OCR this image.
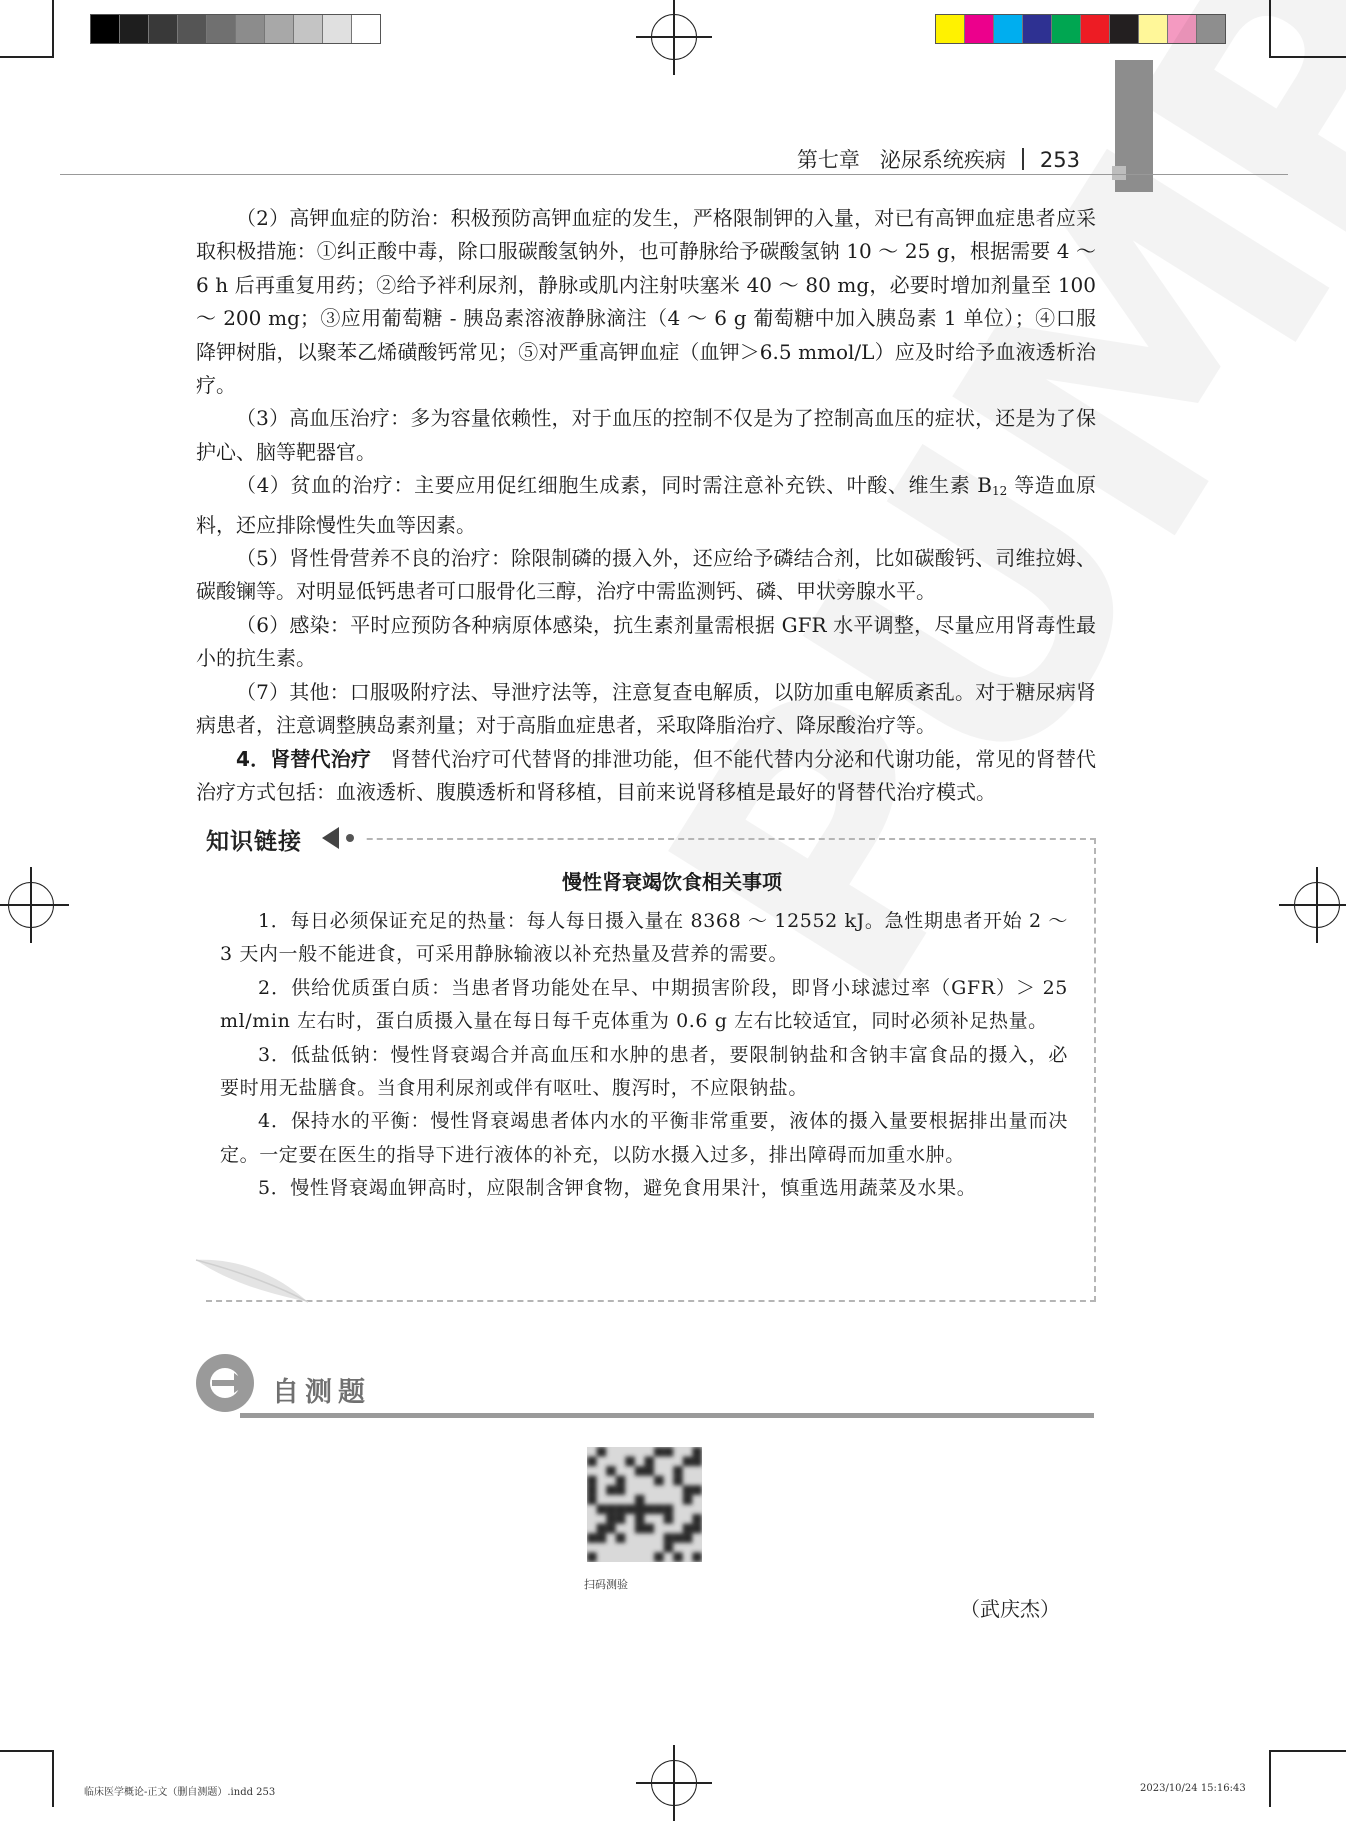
第七章 泌尿系统疾病 253

（2）高钾血症的防治：积极预防高钾血症的发生，严格限制钾的入量，对已有高钾血症患者应采取积极措施：①纠正酸中毒，除口服碳酸氢钠外，也可静脉给予碳酸氢钠 10 ～ 25 g，根据需要 4 ～ 6 h 后再重复用药；②给予袢利尿剂，静脉或肌内注射呋塞米 40 ～ 80 mg，必要时增加剂量至 100 ～ 200 mg；③应用葡萄糖 - 胰岛素溶液静脉滴注（4 ～ 6 g 葡萄糖中加入胰岛素 1 单位）；④口服降钾树脂，以聚苯乙烯磺酸钙常见；⑤对严重高钾血症（血钾＞6.5 mmol/L）应及时给予血液透析治疗。

（3）高血压治疗：多为容量依赖性，对于血压的控制不仅是为了控制高血压的症状，还是为了保护心、脑等靶器官。

（4）贫血的治疗：主要应用促红细胞生成素，同时需注意补充铁、叶酸、维生素 $B_{12}$ 等造血原料，还应排除慢性失血等因素。

（5）肾性骨营养不良的治疗：除限制磷的摄入外，还应给予磷结合剂，比如碳酸钙、司维拉姆、碳酸镧等。对明显低钙患者可口服骨化三醇，治疗中需监测钙、磷、甲状旁腺水平。

（6）感染：平时应预防各种病原体感染，抗生素剂量需根据 GFR 水平调整，尽量应用肾毒性最小的抗生素。

（7）其他：口服吸附疗法、导泄疗法等，注意复查电解质，以防加重电解质紊乱。对于糖尿病肾病患者，注意调整胰岛素剂量；对于高脂血症患者，采取降脂治疗、降尿酸治疗等。

4．肾替代治疗 肾替代治疗可代替肾的排泄功能，但不能代替内分泌和代谢功能，常见的肾替代治疗方式包括：血液透析、腹膜透析和肾移植，目前来说肾移植是最好的肾替代治疗模式。

知识链接
慢性肾衰竭饮食相关事项

1．每日必须保证充足的热量：每人每日摄入量在 8368 ～ 12552 kJ。急性期患者开始 2 ～ 3 天内一般不能进食，可采用静脉输液以补充热量及营养的需要。

2．供给优质蛋白质：当患者肾功能处在早、中期损害阶段，即肾小球滤过率（GFR）＞ 25 ml/min 左右时，蛋白质摄入量在每日每千克体重为 0.6 g 左右比较适宜，同时必须补足热量。

3．低盐低钠：慢性肾衰竭合并高血压和水肿的患者，要限制钠盐和含钠丰富食品的摄入，必要时用无盐膳食。当食用利尿剂或伴有呕吐、腹泻时，不应限钠盐。

4．保持水的平衡：慢性肾衰竭患者体内水的平衡非常重要，液体的摄入量要根据排出量而决定。一定要在医生的指导下进行液体的补充，以防水摄入过多，排出障碍而加重水肿。

5．慢性肾衰竭血钾高时，应限制含钾食物，避免食用果汁，慎重选用蔬菜及水果。

自测题
扫码测验
（武庆杰）
临床医学概论-正文（删自测题）.indd 253	2023/10/24 15:16:43
